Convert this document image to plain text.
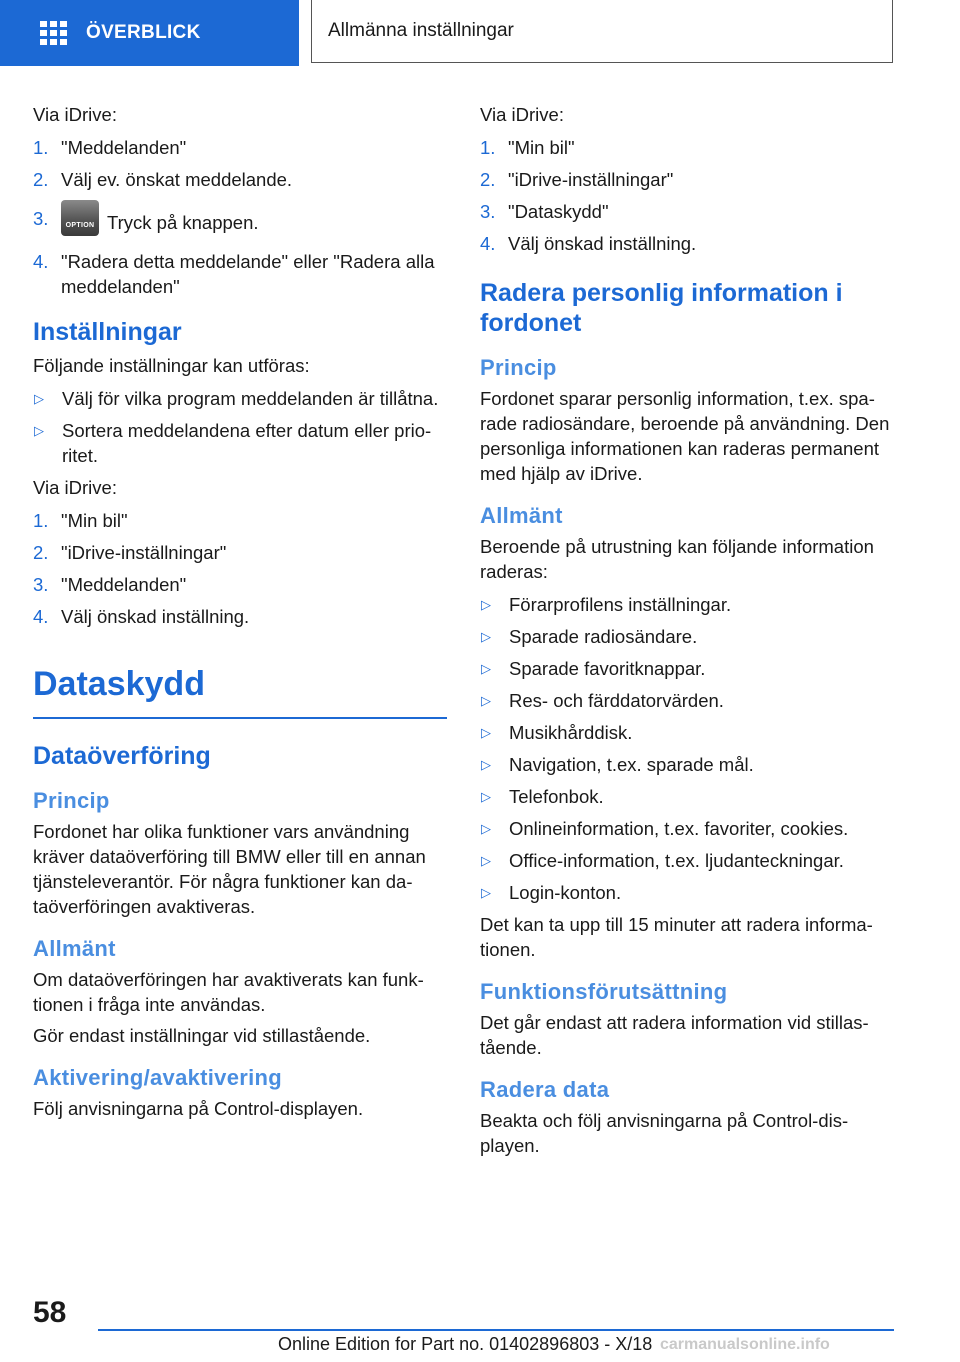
ÖVERBLICK	Allmänna inställningar

Via iDrive:

1. "Meddelanden"
2. Välj ev. önskat meddelande.
3.	OPTION Tryck på knappen.
4. "Radera detta meddelande" eller "Radera alla meddelanden"
Inställningar

Följande inställningar kan utföras:

▷ Välj för vilka program meddelanden är tillåtna.
▷ Sortera meddelandena efter datum eller prioritet.

Via iDrive:

1. "Min bil"
2. "iDrive-inställningar"
3. "Meddelanden"
4. Välj önskad inställning.
Dataskydd
Dataöverföring
Princip

Fordonet har olika funktioner vars användning kräver dataöverföring till BMW eller till en annan tjänsteleverantör. För några funktioner kan dataöverföringen avaktiveras.

Allmänt

Om dataöverföringen har avaktiverats kan funktionen i fråga inte användas.

Gör endast inställningar vid stillastående.

Aktivering/avaktivering

Följ anvisningarna på Control-displayen.

Via iDrive:

1. "Min bil"
2. "iDrive-inställningar"
3. "Dataskydd"
4. Välj önskad inställning.
Radera personlig information i fordonet
Princip

Fordonet sparar personlig information, t.ex. sparade radiosändare, beroende på användning. Den personliga informationen kan raderas permanent med hjälp av iDrive.

Allmänt

Beroende på utrustning kan följande information raderas:

▷ Förarprofilens inställningar.
▷ Sparade radiosändare.
▷ Sparade favoritknappar.
▷ Res- och färddatorvärden.
▷ Musikhårddisk.
▷ Navigation, t.ex. sparade mål.
▷ Telefonbok.
▷ Onlineinformation, t.ex. favoriter, cookies.
▷ Office-information, t.ex. ljudanteckningar.
▷ Login-konton.

Det kan ta upp till 15 minuter att radera informationen.

Funktionsförutsättning

Det går endast att radera information vid stillastående.

Radera data

Beakta och följ anvisningarna på Control-displayen.

58
Online Edition for Part no. 01402896803 - X/18 carmanualsonline.info
